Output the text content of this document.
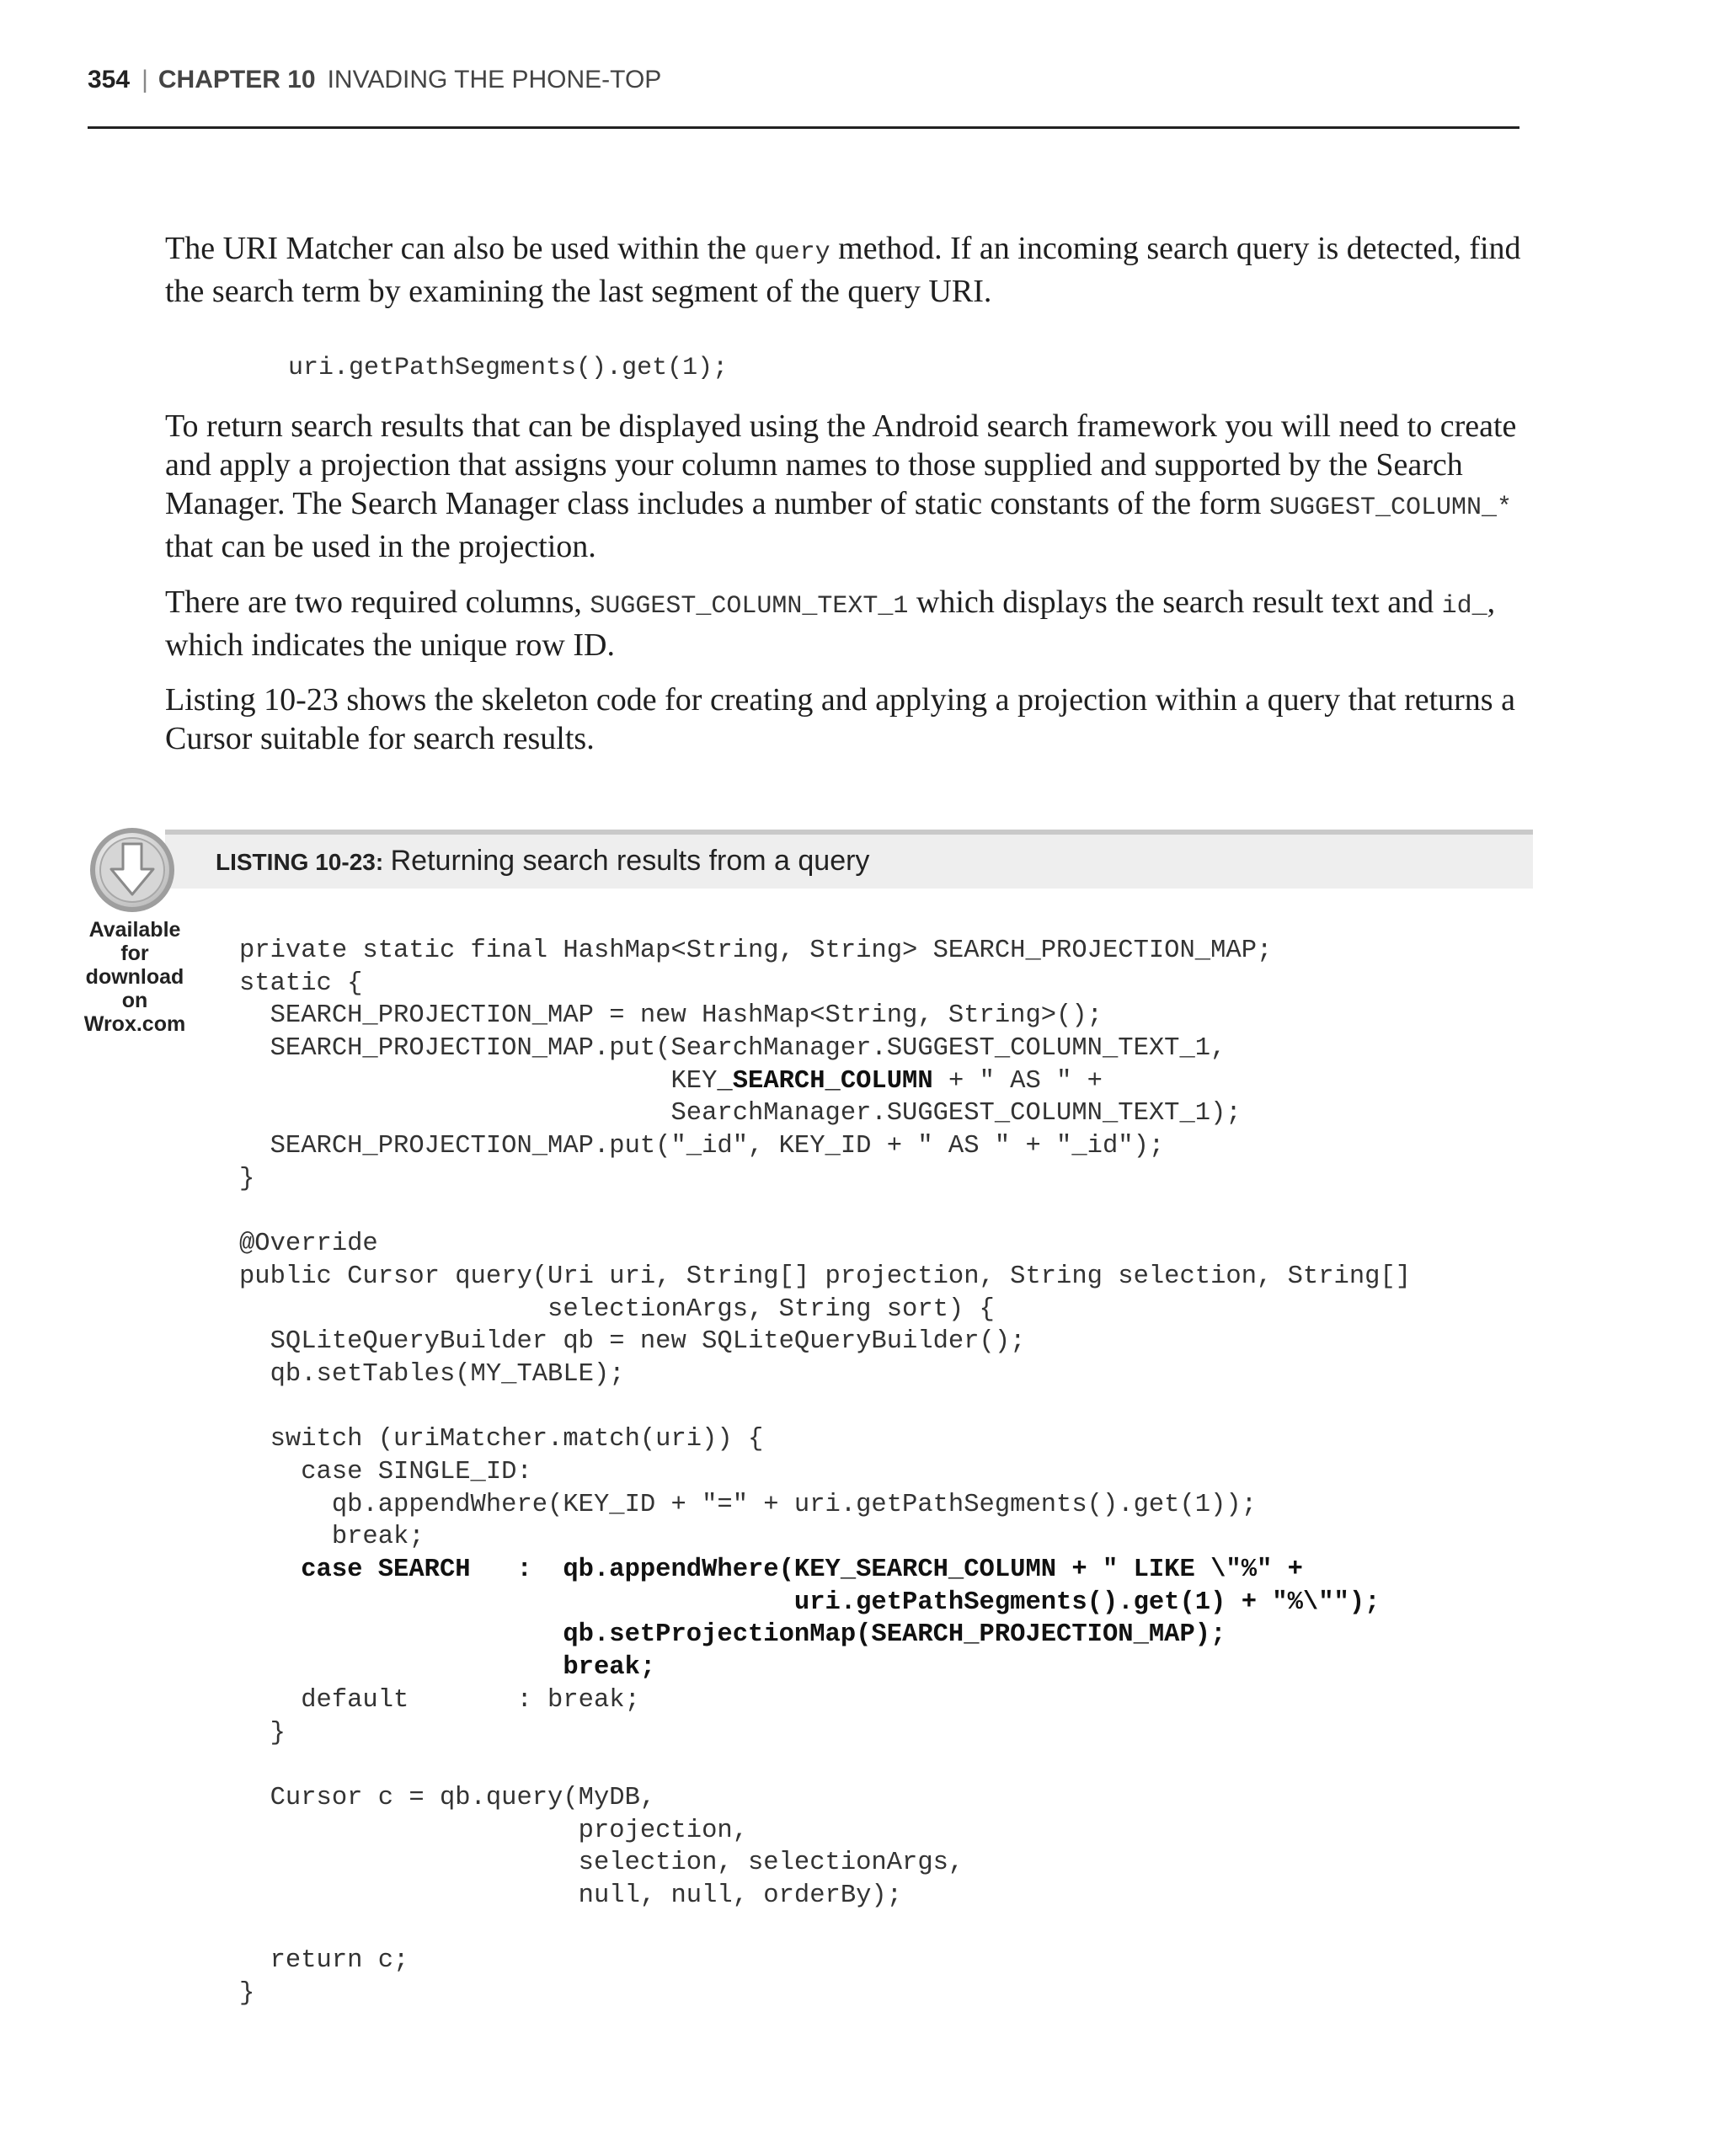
354 | CHAPTER 10 INVADING THE PHONE-TOP

The URI Matcher can also be used within the query method. If an incoming search query is detected, find the search term by examining the last segment of the query URI.

uri.getPathSegments().get(1);

To return search results that can be displayed using the Android search framework you will need to create and apply a projection that assigns your column names to those supplied and supported by the Search Manager. The Search Manager class includes a number of static constants of the form SUGGEST_COLUMN_* that can be used in the projection.

There are two required columns, SUGGEST_COLUMN_TEXT_1 which displays the search result text and id_, which indicates the unique row ID.

Listing 10-23 shows the skeleton code for creating and applying a projection within a query that returns a Cursor suitable for search results.

LISTING 10-23: Returning search results from a query
Available for download on Wrox.com
private static final HashMap<String, String> SEARCH_PROJECTION_MAP;
static {
SEARCH_PROJECTION_MAP = new HashMap<String, String>();
SEARCH_PROJECTION_MAP.put(SearchManager.SUGGEST_COLUMN_TEXT_1,
KEY_SEARCH_COLUMN + " AS " +
SearchManager.SUGGEST_COLUMN_TEXT_1);
SEARCH_PROJECTION_MAP.put("_id", KEY_ID + " AS " + "_id");
}
@Override
public Cursor query(Uri uri, String[] projection, String selection, String[]
selectionArgs, String sort) {
SQLiteQueryBuilder qb = new SQLiteQueryBuilder();
qb.setTables(MY_TABLE);
switch (uriMatcher.match(uri)) {
case SINGLE_ID:
qb.appendWhere(KEY_ID + "=" + uri.getPathSegments().get(1));
break;
case SEARCH   :  qb.appendWhere(KEY_SEARCH_COLUMN + " LIKE \"%" +
uri.getPathSegments().get(1) + "%\"");
qb.setProjectionMap(SEARCH_PROJECTION_MAP);
break;
default       : break;
}
Cursor c = qb.query(MyDB,
projection,
selection, selectionArgs,
null, null, orderBy);
return c;
}
